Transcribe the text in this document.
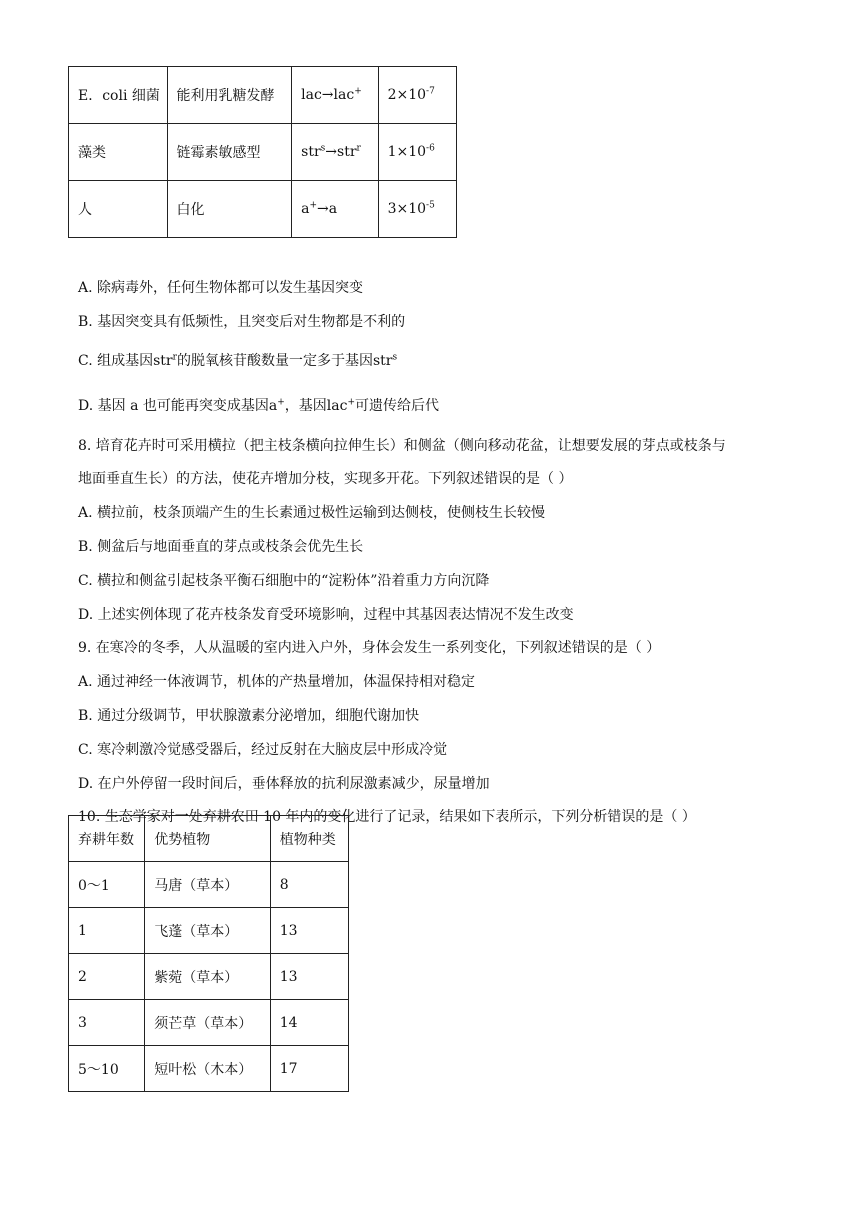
E．coli 细菌	能利用乳糖发酵	lac→lac+	$2\times 10^{-7}$
藻类	链霉素敏感型	str$^s$→str$^r$	$1\times 10^{-6}$
人	白化	a+→a	$3\times 10^{-5}$
A. 除病毒外，任何生物体都可以发生基因突变
B. 基因突变具有低频性，且突变后对生物都是不利的
C. 组成基因str$^r$的脱氧核苷酸数量一定多于基因str$^s$
D. 基因 a 也可能再突变成基因a+，基因lac+可遗传给后代
8. 培育花卉时可采用横拉（把主枝条横向拉伸生长）和侧盆（侧向移动花盆，让想要发展的芽点或枝条与
地面垂直生长）的方法，使花卉增加分枝，实现多开花。下列叙述错误的是（ ）
A. 横拉前，枝条顶端产生的生长素通过极性运输到达侧枝，使侧枝生长较慢
B. 侧盆后与地面垂直的芽点或枝条会优先生长
C. 横拉和侧盆引起枝条平衡石细胞中的“淀粉体”沿着重力方向沉降
D. 上述实例体现了花卉枝条发育受环境影响，过程中其基因表达情况不发生改变
9. 在寒冷的冬季，人从温暖的室内进入户外，身体会发生一系列变化，下列叙述错误的是（ ）
A. 通过神经一体液调节，机体的产热量增加，体温保持相对稳定
B. 通过分级调节，甲状腺激素分泌增加，细胞代谢加快
C. 寒冷刺激冷觉感受器后，经过反射在大脑皮层中形成冷觉
D. 在户外停留一段时间后，垂体释放的抗利尿激素减少，尿量增加
10. 生态学家对一处弃耕农田 10 年内的变化进行了记录，结果如下表所示，下列分析错误的是（ ）
弃耕年数	优势植物	植物种类
0～1	马唐（草本）	8
1	飞蓬（草本）	13
2	紫菀（草本）	13
3	须芒草（草本）	14
5～10	短叶松（木本）	17
